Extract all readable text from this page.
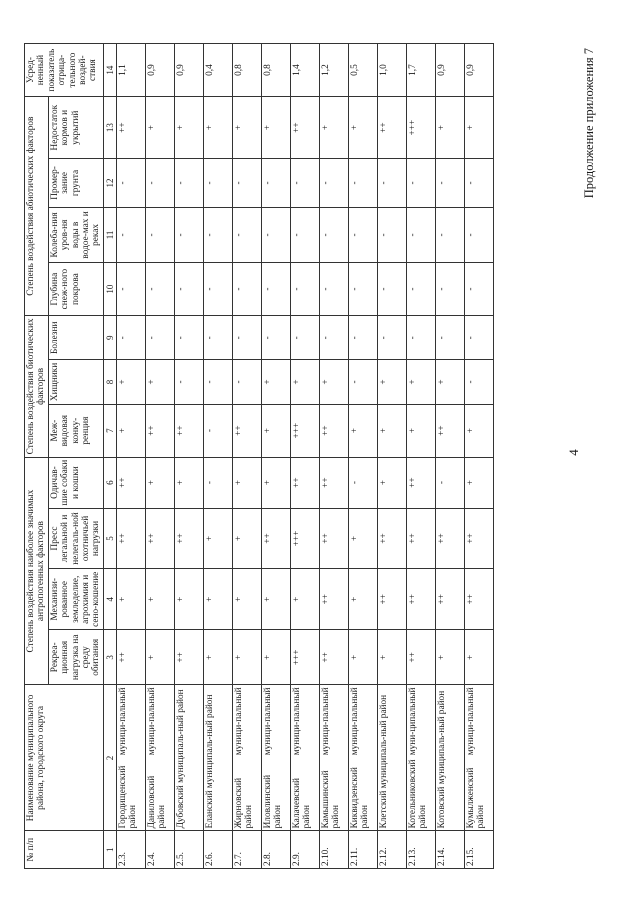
4
Продолжение приложения 7
№ п/п	Наименование муниципального района, городского округа	Степень воздействия наиболее значимых антропогенных факторов				Степень воздействия биотических факторов			Степень воздействия абиотических факторов				Усред-ненный показатель отрица-тельного воздей-ствия
		Рекреа-ционная нагрузка на среду обитания	Механизи-рованное земледелие, агрохимия и сено-кошение	Пресс легальной и нелегаль-ной охотничьей нагрузки	Одичав-шие собаки и кошки	Меж-видовая конку-ренция	Хищники	Болезни	Глубина снеж-ного покрова	Колеба-ния уров-ня воды в водое-мах и реках	Промер-зание грунта	Недостаток кормов и укрытий	
1	2	3	4	5	6	7	8	9	10	11	12	13	14
2.3.	Городищенский муници-пальный район	++	+	++	++	+	+	-	-	-	-	++	1,1
2.4.	Даниловский муници-пальный район	+	+	++	+	++	+	-	-	-	-	+	0,9
2.5.	Дубовский муниципаль-ный район	++	+	++	+	++	-	-	-	-	-	+	0,9
2.6.	Еланский муниципаль-ный район	+	+	+	-	-	-	-	-	-	-	+	0,4
2.7.	Жирновский муници-пальный район	+	+	+	+	++	-	-	-	-	-	+	0,8
2.8.	Иловлинский муници-пальный район	+	+	++	+	+	+	-	-	-	-	+	0,8
2.9.	Калачевский муници-пальный район	+++	+	+++	++	+++	+	-	-	-	-	++	1,4
2.10.	Камышинский муници-пальный район	++	++	++	++	++	+	-	-	-	-	+	1,2
2.11.	Киквидзенский муници-пальный район	+	+	+	-	+	-	-	-	-	-	+	0,5
2.12.	Клетский муниципаль-ный район	+	++	++	+	+	+	-	-	-	-	++	1,0
2.13.	Котельниковский муни-ципальный район	++	++	++	++	+	+	-	-	-	-	+++	1,7
2.14.	Котовский муниципаль-ный район	+	++	++	-	++	+	-	-	-	-	+	0,9
2.15.	Кумылженский муници-пальный район	+	++	++	+	+	-	-	-	-	-	+	0,9
